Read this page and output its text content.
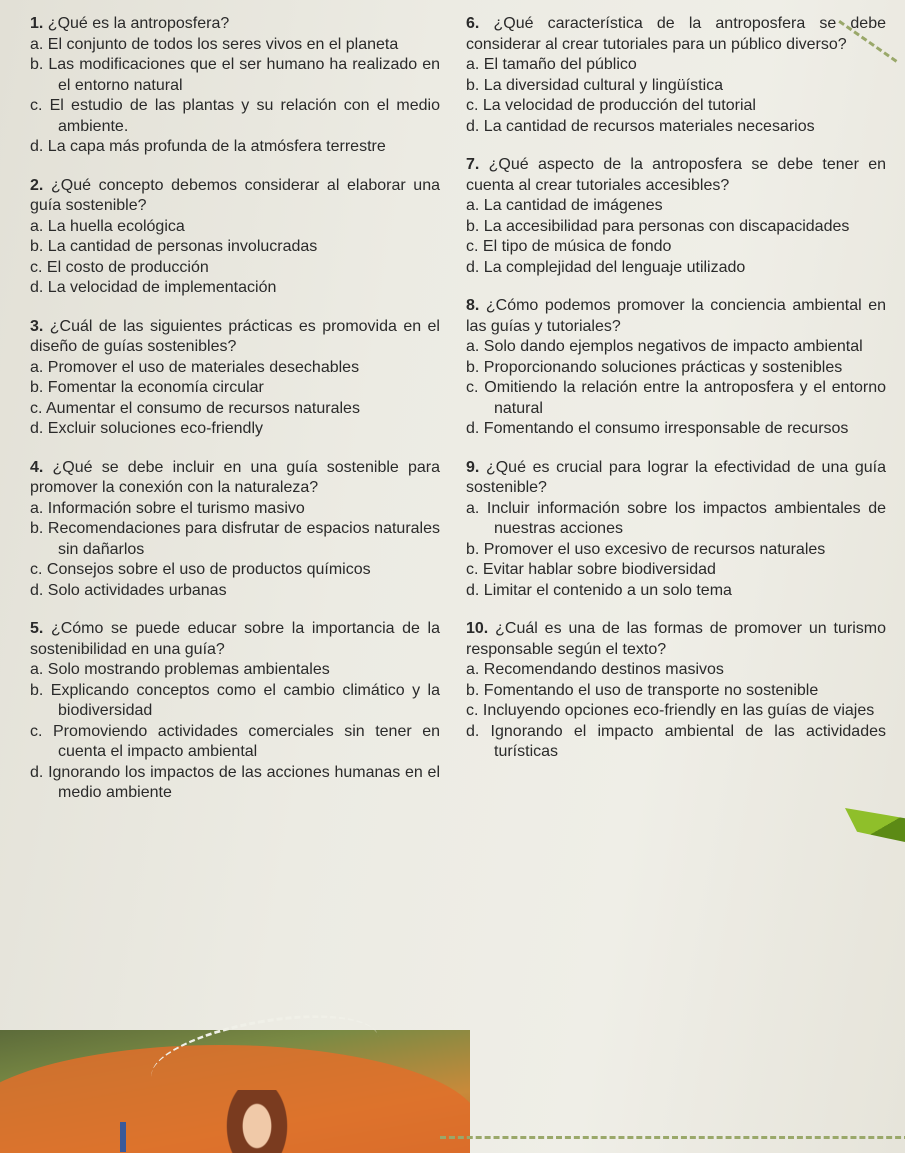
1. ¿Qué es la antroposfera?
a. El conjunto de todos los seres vivos en el planeta
b. Las modificaciones que el ser humano ha realizado en el entorno natural
c. El estudio de las plantas y su relación con el medio ambiente.
d. La capa más profunda de la atmósfera terrestre
2. ¿Qué concepto debemos considerar al elaborar una guía sostenible?
a. La huella ecológica
b. La cantidad de personas involucradas
c. El costo de producción
d. La velocidad de implementación
3. ¿Cuál de las siguientes prácticas es promovida en el diseño de guías sostenibles?
a. Promover el uso de materiales desechables
b. Fomentar la economía circular
c. Aumentar el consumo de recursos naturales
d. Excluir soluciones eco-friendly
4. ¿Qué se debe incluir en una guía sostenible para promover la conexión con la naturaleza?
a. Información sobre el turismo masivo
b. Recomendaciones para disfrutar de espacios naturales sin dañarlos
c. Consejos sobre el uso de productos químicos
d. Solo actividades urbanas
5. ¿Cómo se puede educar sobre la importancia de la sostenibilidad en una guía?
a. Solo mostrando problemas ambientales
b. Explicando conceptos como el cambio climático y la biodiversidad
c. Promoviendo actividades comerciales sin tener en cuenta el impacto ambiental
d. Ignorando los impactos de las acciones humanas en el medio ambiente
6. ¿Qué característica de la antroposfera se debe considerar al crear tutoriales para un público diverso?
a. El tamaño del público
b. La diversidad cultural y lingüística
c. La velocidad de producción del tutorial
d. La cantidad de recursos materiales necesarios
7. ¿Qué aspecto de la antroposfera se debe tener en cuenta al crear tutoriales accesibles?
a. La cantidad de imágenes
b. La accesibilidad para personas con discapacidades
c. El tipo de música de fondo
d. La complejidad del lenguaje utilizado
8. ¿Cómo podemos promover la conciencia ambiental en las guías y tutoriales?
a. Solo dando ejemplos negativos de impacto ambiental
b. Proporcionando soluciones prácticas y sostenibles
c. Omitiendo la relación entre la antroposfera y el entorno natural
d. Fomentando el consumo irresponsable de recursos
9. ¿Qué es crucial para lograr la efectividad de una guía sostenible?
a. Incluir información sobre los impactos ambientales de nuestras acciones
b. Promover el uso excesivo de recursos naturales
c. Evitar hablar sobre biodiversidad
d. Limitar el contenido a un solo tema
10. ¿Cuál es una de las formas de promover un turismo responsable según el texto?
a. Recomendando destinos masivos
b. Fomentando el uso de transporte no sostenible
c. Incluyendo opciones eco-friendly en las guías de viajes
d. Ignorando el impacto ambiental de las actividades turísticas
